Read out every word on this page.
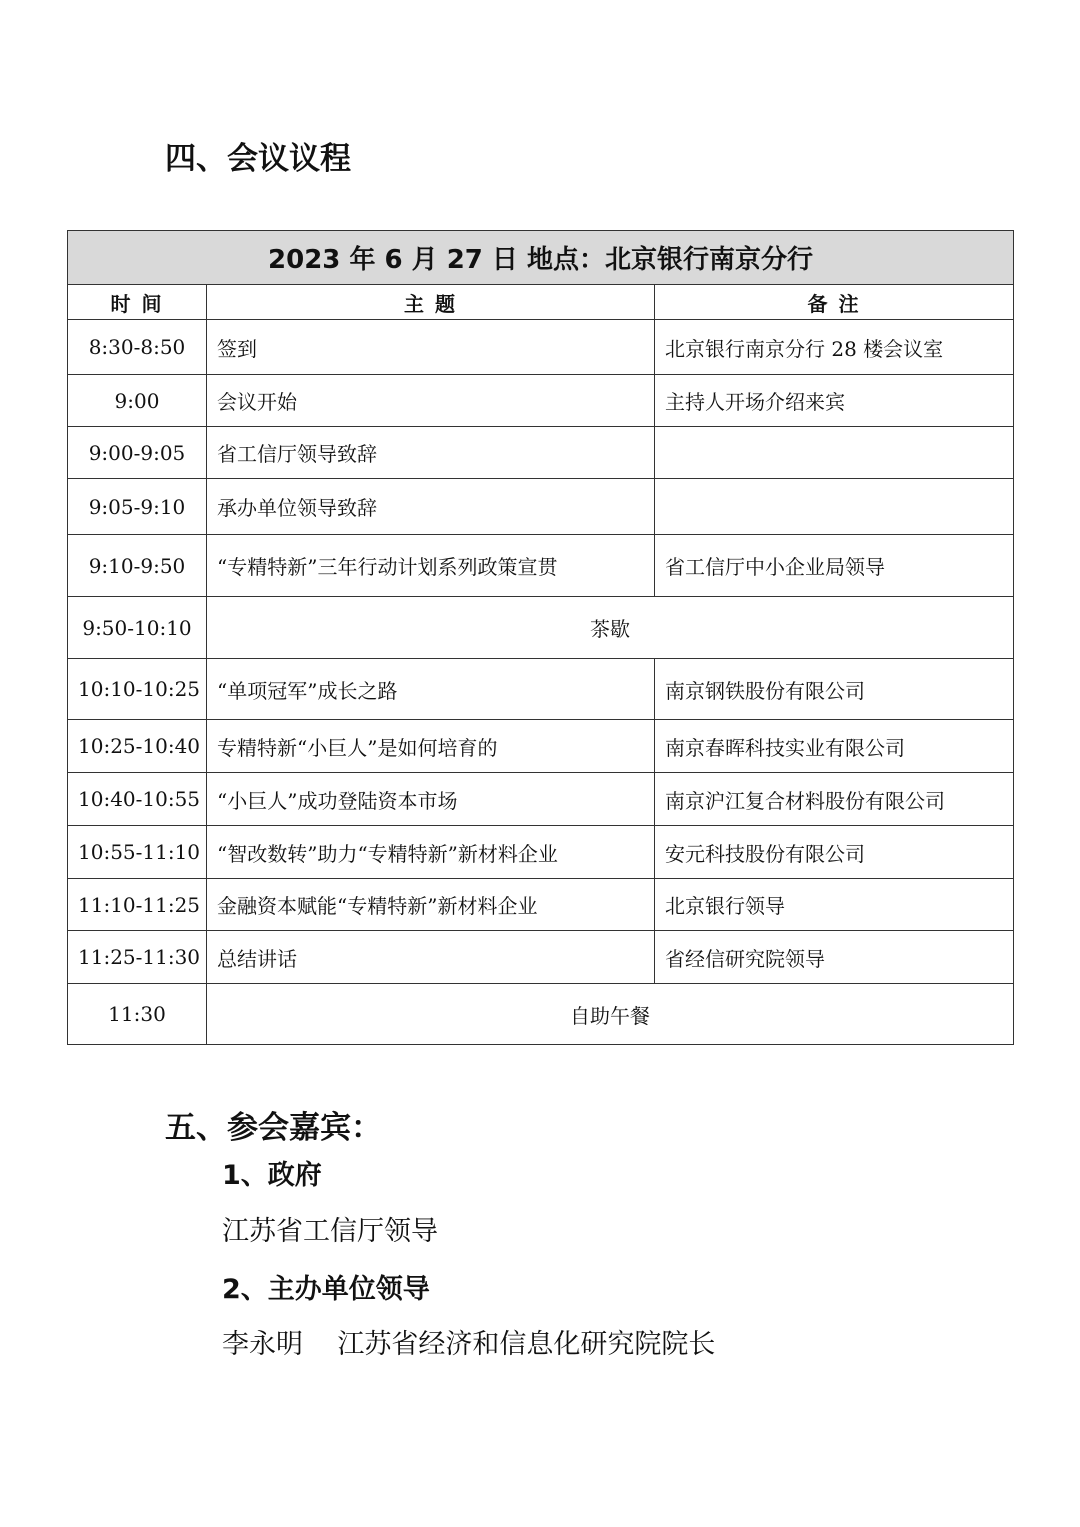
四、会议议程
2023 年 6 月 27 日 地点：北京银行南京分行		
时 间	主 题	备 注
8:30-8:50	签到	北京银行南京分行 28 楼会议室
9:00	会议开始	主持人开场介绍来宾
9:00-9:05	省工信厅领导致辞	
9:05-9:10	承办单位领导致辞	
9:10-9:50	“专精特新”三年行动计划系列政策宣贯	省工信厅中小企业局领导
9:50-10:10	茶歇	
10:10-10:25	“单项冠军”成长之路	南京钢铁股份有限公司
10:25-10:40	专精特新“小巨人”是如何培育的	南京春晖科技实业有限公司
10:40-10:55	“小巨人”成功登陆资本市场	南京沪江复合材料股份有限公司
10:55-11:10	“智改数转”助力“专精特新”新材料企业	安元科技股份有限公司
11:10-11:25	金融资本赋能“专精特新”新材料企业	北京银行领导
11:25-11:30	总结讲话	省经信研究院领导
11:30	自助午餐	
五、参会嘉宾：

1、政府

江苏省工信厅领导

2、主办单位领导

李永明    江苏省经济和信息化研究院院长
